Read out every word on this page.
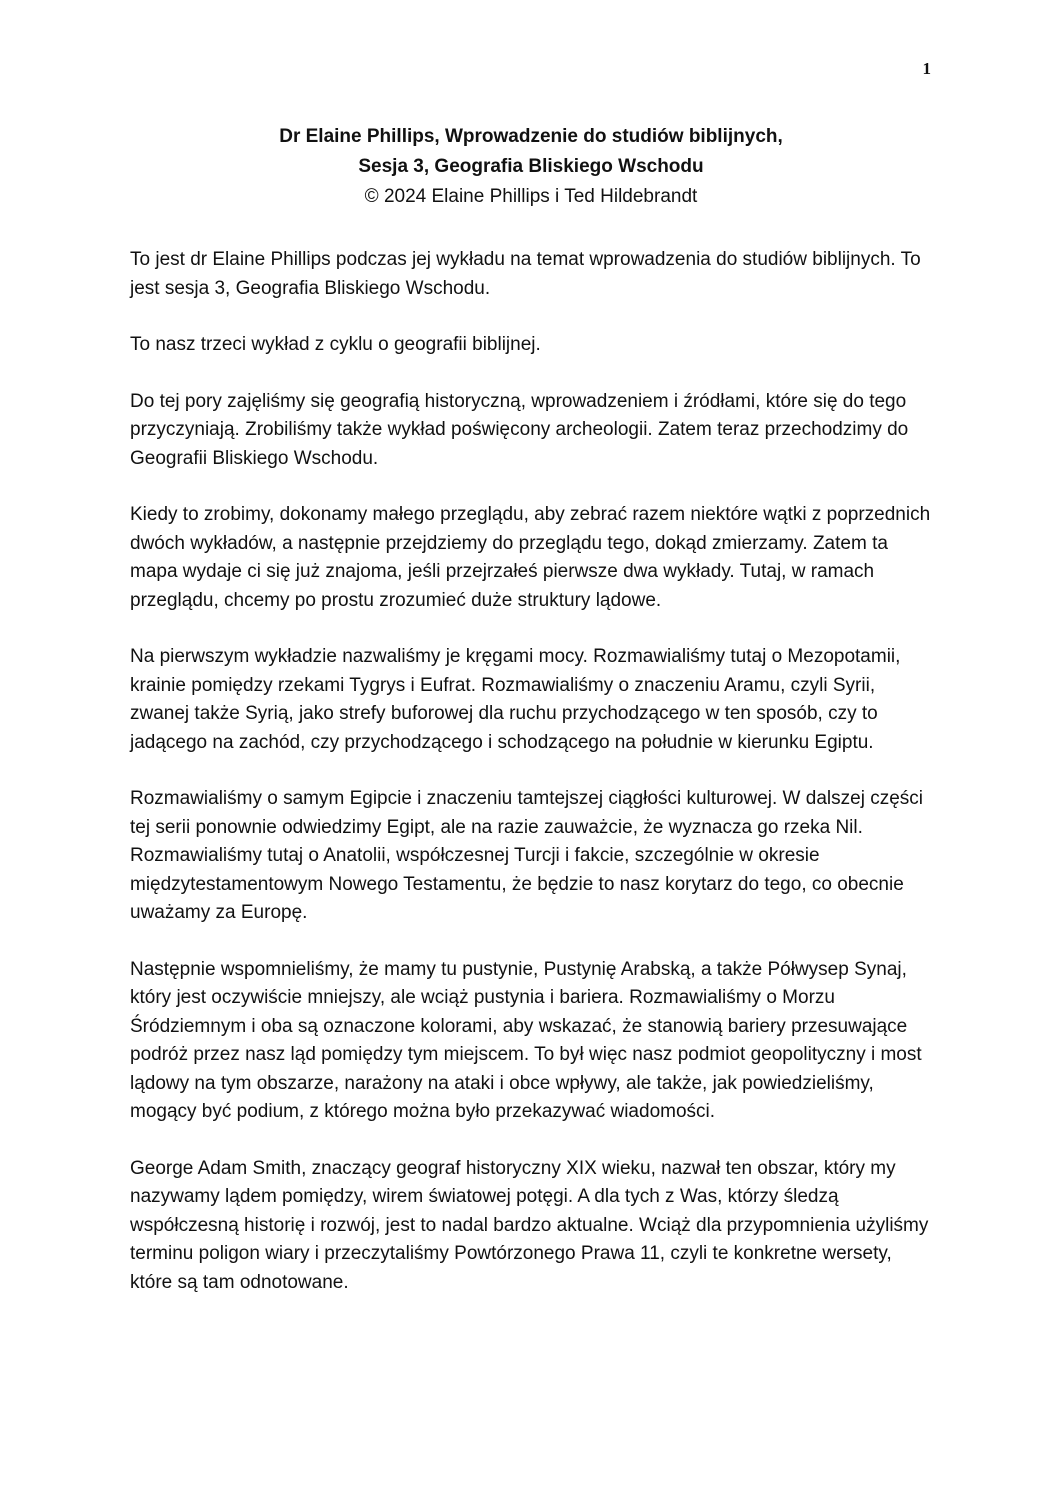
1
Dr Elaine Phillips, Wprowadzenie do studiów biblijnych,
Sesja 3, Geografia Bliskiego Wschodu
© 2024 Elaine Phillips i Ted Hildebrandt

To jest dr Elaine Phillips podczas jej wykładu na temat wprowadzenia do studiów biblijnych. To jest sesja 3, Geografia Bliskiego Wschodu.

To nasz trzeci wykład z cyklu o geografii biblijnej.

Do tej pory zajęliśmy się geografią historyczną, wprowadzeniem i źródłami, które się do tego przyczyniają. Zrobiliśmy także wykład poświęcony archeologii. Zatem teraz przechodzimy do Geografii Bliskiego Wschodu.

Kiedy to zrobimy, dokonamy małego przeglądu, aby zebrać razem niektóre wątki z poprzednich dwóch wykładów, a następnie przejdziemy do przeglądu tego, dokąd zmierzamy. Zatem ta mapa wydaje ci się już znajoma, jeśli przejrzałeś pierwsze dwa wykłady. Tutaj, w ramach przeglądu, chcemy po prostu zrozumieć duże struktury lądowe.

Na pierwszym wykładzie nazwaliśmy je kręgami mocy. Rozmawialiśmy tutaj o Mezopotamii, krainie pomiędzy rzekami Tygrys i Eufrat. Rozmawialiśmy o znaczeniu Aramu, czyli Syrii, zwanej także Syrią, jako strefy buforowej dla ruchu przychodzącego w ten sposób, czy to jadącego na zachód, czy przychodzącego i schodzącego na południe w kierunku Egiptu.

Rozmawialiśmy o samym Egipcie i znaczeniu tamtejszej ciągłości kulturowej. W dalszej części tej serii ponownie odwiedzimy Egipt, ale na razie zauważcie, że wyznacza go rzeka Nil. Rozmawialiśmy tutaj o Anatolii, współczesnej Turcji i fakcie, szczególnie w okresie międzytestamentowym Nowego Testamentu, że będzie to nasz korytarz do tego, co obecnie uważamy za Europę.

Następnie wspomnieliśmy, że mamy tu pustynie, Pustynię Arabską, a także Półwysep Synaj, który jest oczywiście mniejszy, ale wciąż pustynia i bariera. Rozmawialiśmy o Morzu Śródziemnym i oba są oznaczone kolorami, aby wskazać, że stanowią bariery przesuwające podróż przez nasz ląd pomiędzy tym miejscem. To był więc nasz podmiot geopolityczny i most lądowy na tym obszarze, narażony na ataki i obce wpływy, ale także, jak powiedzieliśmy, mogący być podium, z którego można było przekazywać wiadomości.

George Adam Smith, znaczący geograf historyczny XIX wieku, nazwał ten obszar, który my nazywamy lądem pomiędzy, wirem światowej potęgi. A dla tych z Was, którzy śledzą współczesną historię i rozwój, jest to nadal bardzo aktualne. Wciąż dla przypomnienia użyliśmy terminu poligon wiary i przeczytaliśmy Powtórzonego Prawa 11, czyli te konkretne wersety, które są tam odnotowane.
